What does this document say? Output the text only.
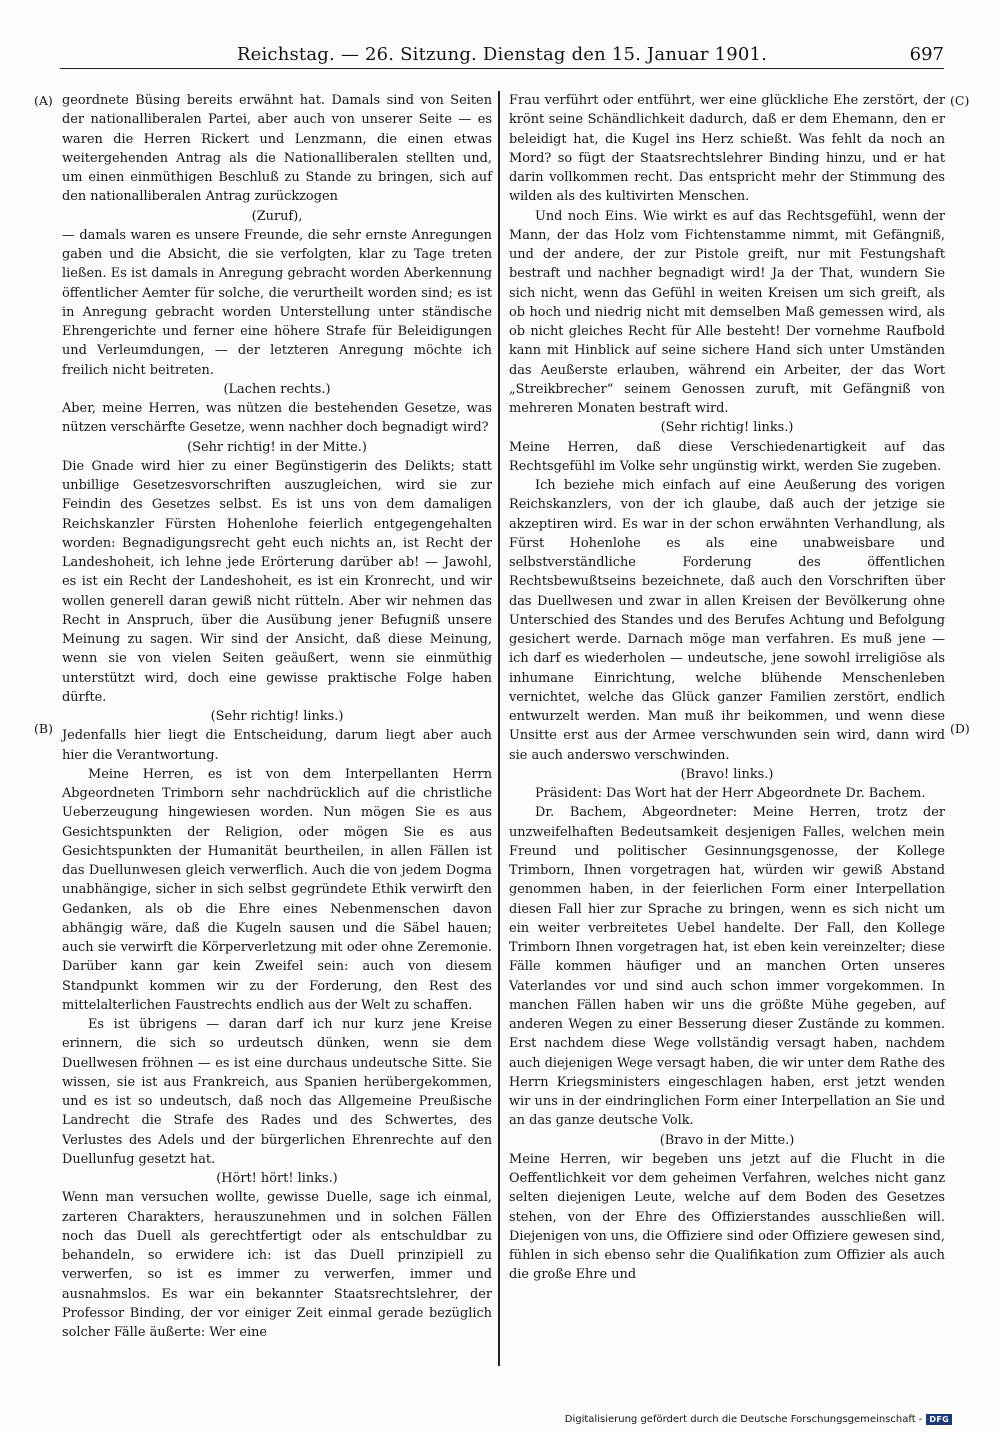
Reichstag. — 26. Sitzung. Dienstag den 15. Januar 1901.	697
(A)
(B)
(C)
(D)

geordnete Büsing bereits erwähnt hat. Damals sind von Seiten der nationalliberalen Partei, aber auch von unserer Seite — es waren die Herren Rickert und Lenzmann, die einen etwas weitergehenden Antrag als die Nationalliberalen stellten und, um einen einmüthigen Beschluß zu Stande zu bringen, sich auf den nationalliberalen Antrag zurückzogen

(Zuruf),

— damals waren es unsere Freunde, die sehr ernste Anregungen gaben und die Absicht, die sie verfolgten, klar zu Tage treten ließen. Es ist damals in Anregung gebracht worden Aberkennung öffentlicher Aemter für solche, die verurtheilt worden sind; es ist in Anregung gebracht worden Unterstellung unter ständische Ehrengerichte und ferner eine höhere Strafe für Beleidigungen und Verleumdungen, — der letzteren Anregung möchte ich freilich nicht beitreten.

(Lachen rechts.)

Aber, meine Herren, was nützen die bestehenden Gesetze, was nützen verschärfte Gesetze, wenn nachher doch begnadigt wird?

(Sehr richtig! in der Mitte.)

Die Gnade wird hier zu einer Begünstigerin des Delikts; statt unbillige Gesetzesvorschriften auszugleichen, wird sie zur Feindin des Gesetzes selbst. Es ist uns von dem damaligen Reichskanzler Fürsten Hohenlohe feierlich entgegengehalten worden: Begnadigungsrecht geht euch nichts an, ist Recht der Landeshoheit, ich lehne jede Erörterung darüber ab! — Jawohl, es ist ein Recht der Landeshoheit, es ist ein Kronrecht, und wir wollen generell daran gewiß nicht rütteln. Aber wir nehmen das Recht in Anspruch, über die Ausübung jener Befugniß unsere Meinung zu sagen. Wir sind der Ansicht, daß diese Meinung, wenn sie von vielen Seiten geäußert, wenn sie einmüthig unterstützt wird, doch eine gewisse praktische Folge haben dürfte.

(Sehr richtig! links.)

Jedenfalls hier liegt die Entscheidung, darum liegt aber auch hier die Verantwortung.

Meine Herren, es ist von dem Interpellanten Herrn Abgeordneten Trimborn sehr nachdrücklich auf die christliche Ueberzeugung hingewiesen worden. Nun mögen Sie es aus Gesichtspunkten der Religion, oder mögen Sie es aus Gesichtspunkten der Humanität beurtheilen, in allen Fällen ist das Duellunwesen gleich verwerflich. Auch die von jedem Dogma unabhängige, sicher in sich selbst gegründete Ethik verwirft den Gedanken, als ob die Ehre eines Nebenmenschen davon abhängig wäre, daß die Kugeln sausen und die Säbel hauen; auch sie verwirft die Körperverletzung mit oder ohne Zeremonie. Darüber kann gar kein Zweifel sein: auch von diesem Standpunkt kommen wir zu der Forderung, den Rest des mittelalterlichen Faustrechts endlich aus der Welt zu schaffen.

Es ist übrigens — daran darf ich nur kurz jene Kreise erinnern, die sich so urdeutsch dünken, wenn sie dem Duellwesen fröhnen — es ist eine durchaus undeutsche Sitte. Sie wissen, sie ist aus Frankreich, aus Spanien herübergekommen, und es ist so undeutsch, daß noch das Allgemeine Preußische Landrecht die Strafe des Rades und des Schwertes, des Verlustes des Adels und der bürgerlichen Ehrenrechte auf den Duellunfug gesetzt hat.

(Hört! hört! links.)

Wenn man versuchen wollte, gewisse Duelle, sage ich einmal, zarteren Charakters, herauszunehmen und in solchen Fällen noch das Duell als gerechtfertigt oder als entschuldbar zu behandeln, so erwidere ich: ist das Duell prinzipiell zu verwerfen, so ist es immer zu verwerfen, immer und ausnahmslos. Es war ein bekannter Staatsrechtslehrer, der Professor Binding, der vor einiger Zeit einmal gerade bezüglich solcher Fälle äußerte: Wer eine

Frau verführt oder entführt, wer eine glückliche Ehe zerstört, der krönt seine Schändlichkeit dadurch, daß er dem Ehemann, den er beleidigt hat, die Kugel ins Herz schießt. Was fehlt da noch an Mord? so fügt der Staatsrechtslehrer Binding hinzu, und er hat darin vollkommen recht. Das entspricht mehr der Stimmung des wilden als des kultivirten Menschen.

Und noch Eins. Wie wirkt es auf das Rechtsgefühl, wenn der Mann, der das Holz vom Fichtenstamme nimmt, mit Gefängniß, und der andere, der zur Pistole greift, nur mit Festungshaft bestraft und nachher begnadigt wird! Ja der That, wundern Sie sich nicht, wenn das Gefühl in weiten Kreisen um sich greift, als ob hoch und niedrig nicht mit demselben Maß gemessen wird, als ob nicht gleiches Recht für Alle besteht! Der vornehme Raufbold kann mit Hinblick auf seine sichere Hand sich unter Umständen das Aeußerste erlauben, während ein Arbeiter, der das Wort „Streikbrecher“ seinem Genossen zuruft, mit Gefängniß von mehreren Monaten bestraft wird.

(Sehr richtig! links.)

Meine Herren, daß diese Verschiedenartigkeit auf das Rechtsgefühl im Volke sehr ungünstig wirkt, werden Sie zugeben.

Ich beziehe mich einfach auf eine Aeußerung des vorigen Reichskanzlers, von der ich glaube, daß auch der jetzige sie akzeptiren wird. Es war in der schon erwähnten Verhandlung, als Fürst Hohenlohe es als eine unabweisbare und selbstverständliche Forderung des öffentlichen Rechtsbewußtseins bezeichnete, daß auch den Vorschriften über das Duellwesen und zwar in allen Kreisen der Bevölkerung ohne Unterschied des Standes und des Berufes Achtung und Befolgung gesichert werde. Darnach möge man verfahren. Es muß jene — ich darf es wiederholen — undeutsche, jene sowohl irreligiöse als inhumane Einrichtung, welche blühende Menschenleben vernichtet, welche das Glück ganzer Familien zerstört, endlich entwurzelt werden. Man muß ihr beikommen, und wenn diese Unsitte erst aus der Armee verschwunden sein wird, dann wird sie auch anderswo verschwinden.

(Bravo! links.)

Präsident: Das Wort hat der Herr Abgeordnete Dr. Bachem.

Dr. Bachem, Abgeordneter: Meine Herren, trotz der unzweifelhaften Bedeutsamkeit desjenigen Falles, welchen mein Freund und politischer Gesinnungsgenosse, der Kollege Trimborn, Ihnen vorgetragen hat, würden wir gewiß Abstand genommen haben, in der feierlichen Form einer Interpellation diesen Fall hier zur Sprache zu bringen, wenn es sich nicht um ein weiter verbreitetes Uebel handelte. Der Fall, den Kollege Trimborn Ihnen vorgetragen hat, ist eben kein vereinzelter; diese Fälle kommen häufiger und an manchen Orten unseres Vaterlandes vor und sind auch schon immer vorgekommen. In manchen Fällen haben wir uns die größte Mühe gegeben, auf anderen Wegen zu einer Besserung dieser Zustände zu kommen. Erst nachdem diese Wege vollständig versagt haben, nachdem auch diejenigen Wege versagt haben, die wir unter dem Rathe des Herrn Kriegsministers eingeschlagen haben, erst jetzt wenden wir uns in der eindringlichen Form einer Interpellation an Sie und an das ganze deutsche Volk.

(Bravo in der Mitte.)

Meine Herren, wir begeben uns jetzt auf die Flucht in die Oeffentlichkeit vor dem geheimen Verfahren, welches nicht ganz selten diejenigen Leute, welche auf dem Boden des Gesetzes stehen, von der Ehre des Offizierstandes ausschließen will. Diejenigen von uns, die Offiziere sind oder Offiziere gewesen sind, fühlen in sich ebenso sehr die Qualifikation zum Offizier als auch die große Ehre und

Digitalisierung gefördert durch die Deutsche Forschungsgemeinschaft - DFG
